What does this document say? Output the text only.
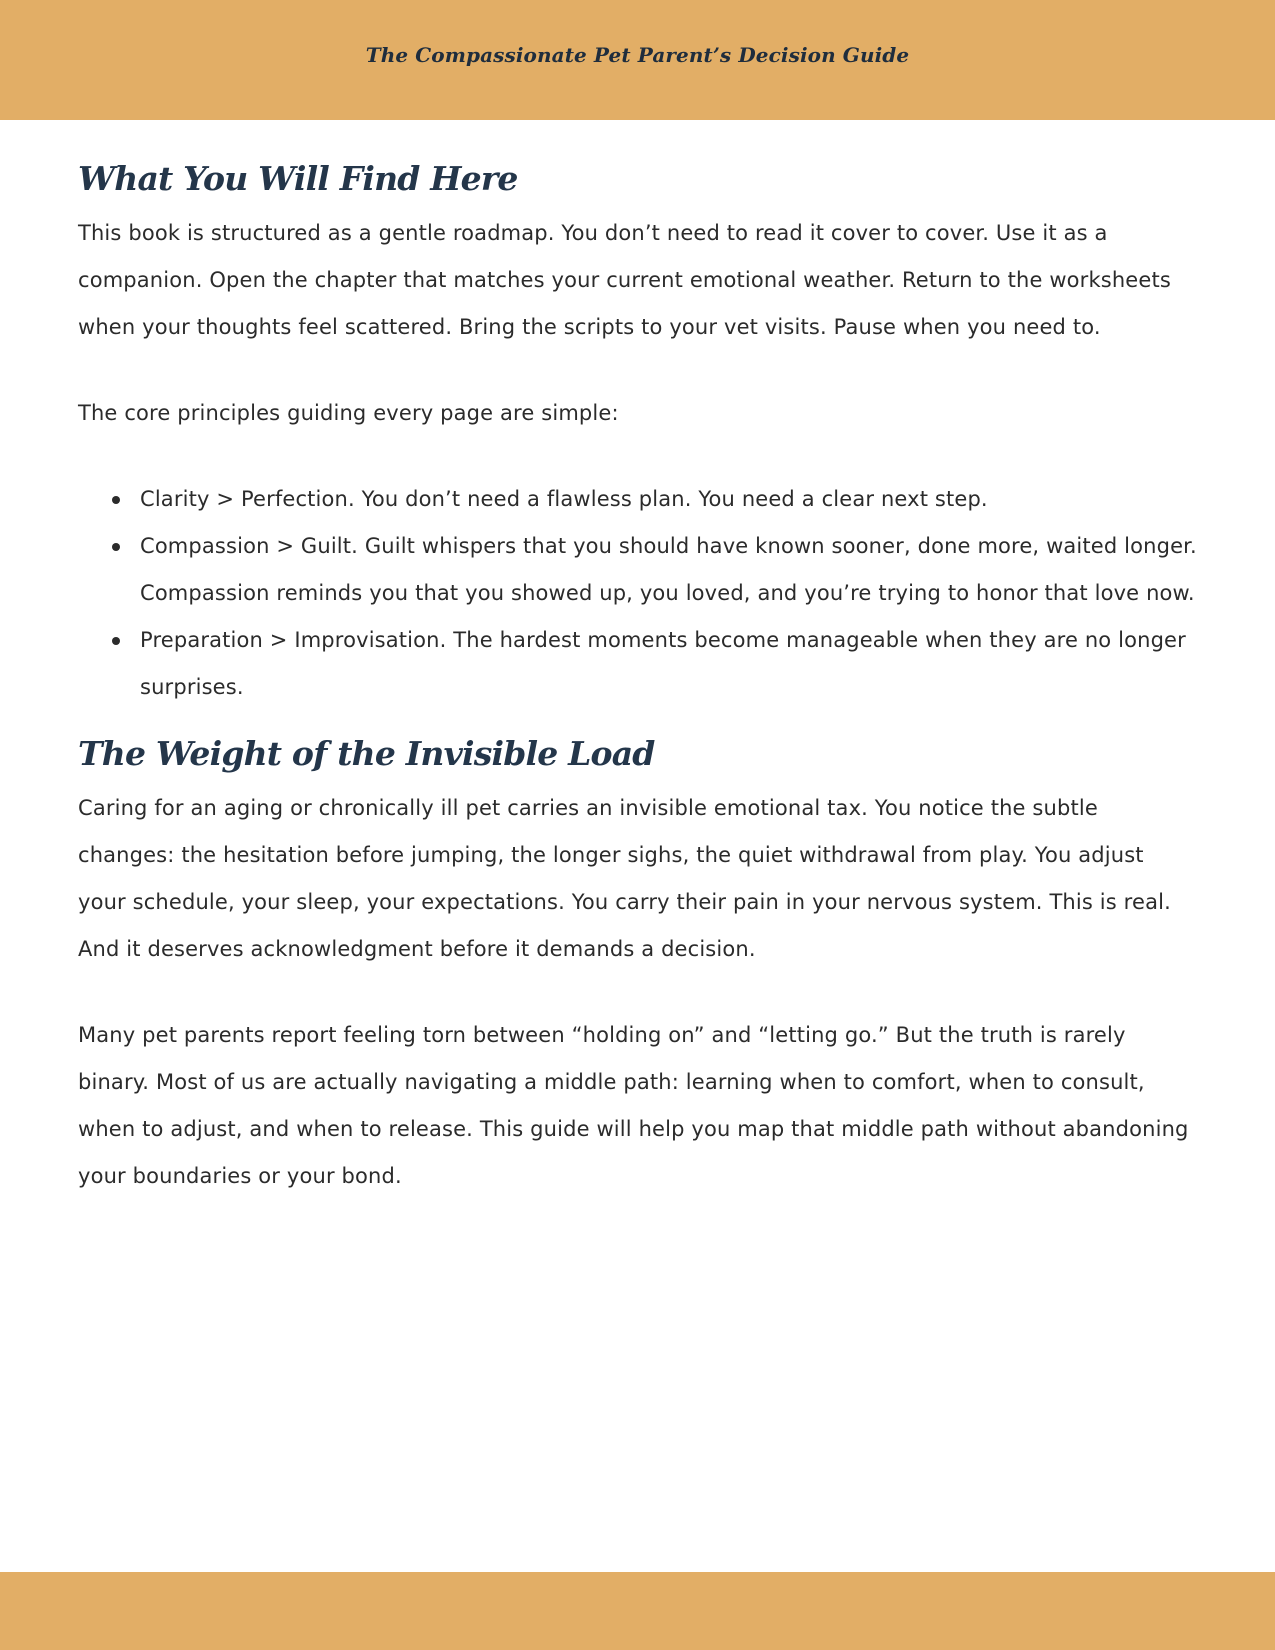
The Compassionate Pet Parent’s Decision Guide
What You Will Find Here

This book is structured as a gentle roadmap. You don’t need to read it cover to cover. Use it as a companion. Open the chapter that matches your current emotional weather. Return to the worksheets when your thoughts feel scattered. Bring the scripts to your vet visits. Pause when you need to.

The core principles guiding every page are simple:

Clarity > Perfection. You don’t need a flawless plan. You need a clear next step.
Compassion > Guilt. Guilt whispers that you should have known sooner, done more, waited longer. Compassion reminds you that you showed up, you loved, and you’re trying to honor that love now.
Preparation > Improvisation. The hardest moments become manageable when they are no longer surprises.
The Weight of the Invisible Load

Caring for an aging or chronically ill pet carries an invisible emotional tax. You notice the subtle changes: the hesitation before jumping, the longer sighs, the quiet withdrawal from play. You adjust your schedule, your sleep, your expectations. You carry their pain in your nervous system. This is real. And it deserves acknowledgment before it demands a decision.

Many pet parents report feeling torn between “holding on” and “letting go.” But the truth is rarely binary. Most of us are actually navigating a middle path: learning when to comfort, when to consult, when to adjust, and when to release. This guide will help you map that middle path without abandoning your boundaries or your bond.
